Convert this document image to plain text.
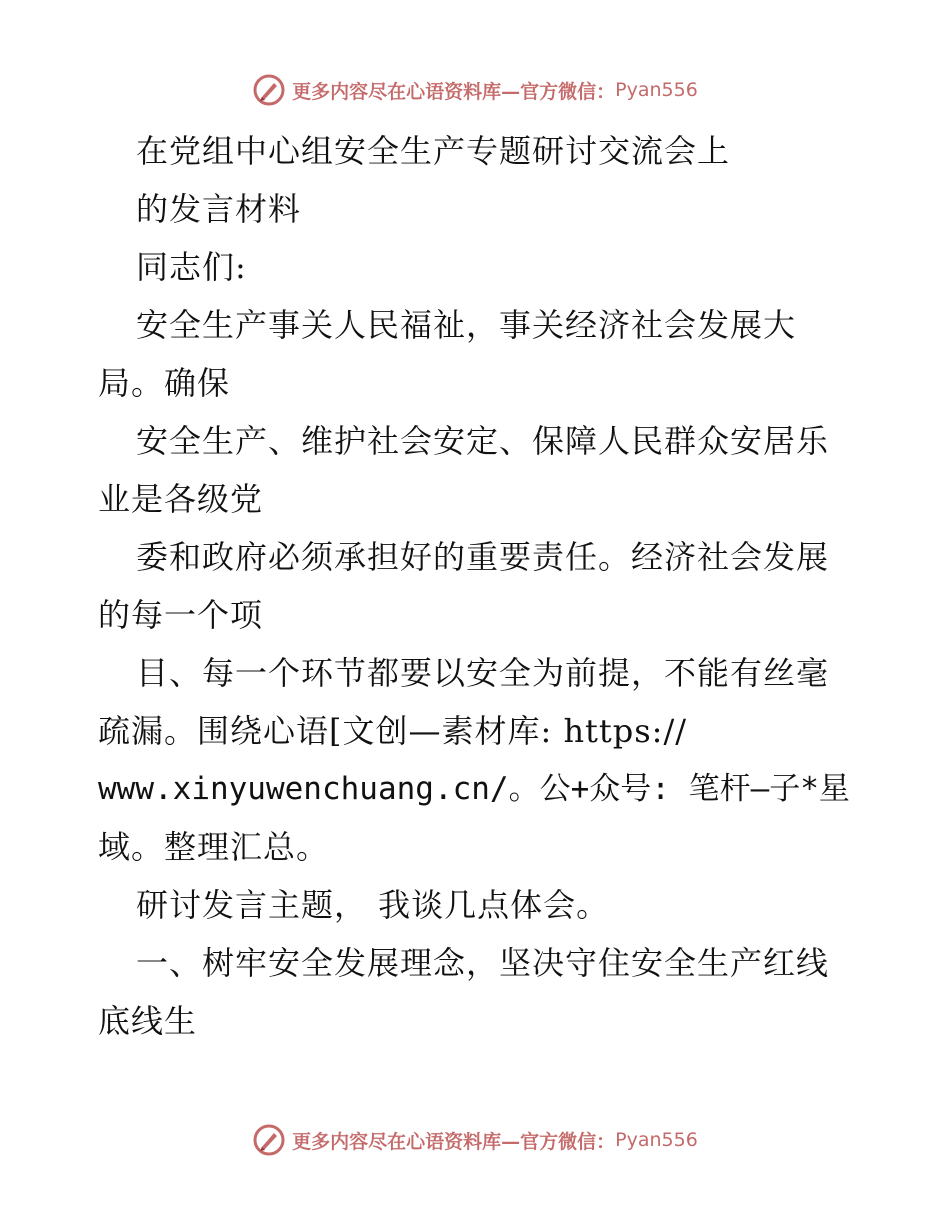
更多内容尽在心语资料库—官方微信： Pyan556
在党组中心组安全生产专题研讨交流会上
的发言材料
同志们:
安全生产事关人民福祉，事关经济社会发展大
局。确保
安全生产、维护社会安定、保障人民群众安居乐
业是各级党
委和政府必须承担好的重要责任。经济社会发展
的每一个项
目、每一个环节都要以安全为前提，不能有丝毫
疏漏。围绕心语[文创—素材库: https://
www.xinyuwenchuang.cn/。公+众号: 笔杆—子*星
域。整理汇总。
研讨发言主题， 我谈几点体会。
一、树牢安全发展理念，坚决守住安全生产红线
底线生
更多内容尽在心语资料库—官方微信： Pyan556
